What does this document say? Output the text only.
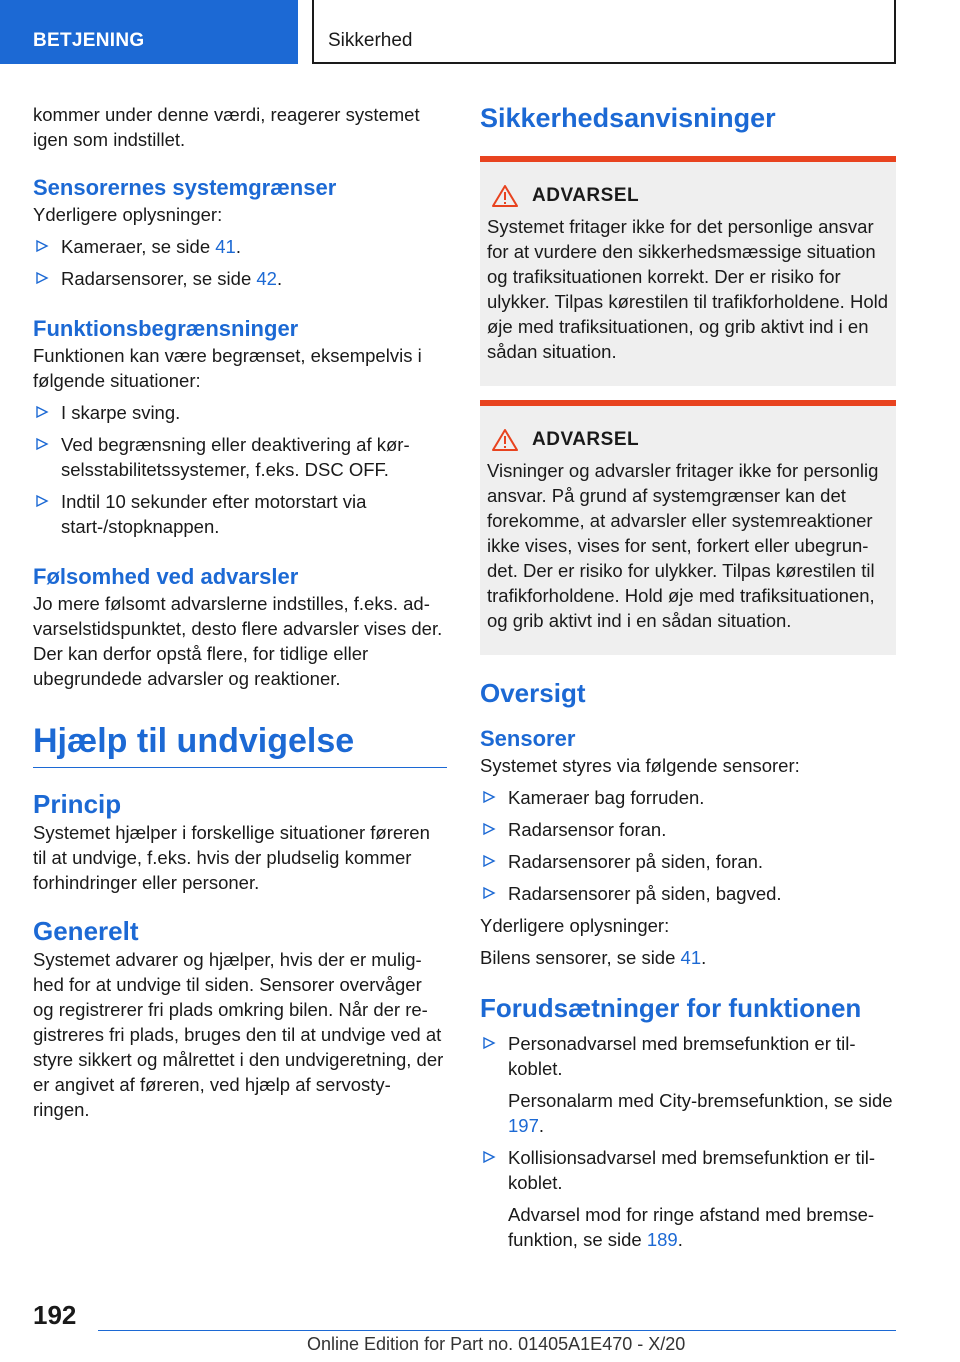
BETJENING	Sikkerhed

kommer under denne værdi, reagerer systemet igen som indstillet.

Sensorernes systemgrænser

Yderligere oplysninger:

Kameraer, se side 41.
Radarsensorer, se side 42.
Funktionsbegrænsninger

Funktionen kan være begrænset, eksempelvis i følgende situationer:

I skarpe sving.
Ved begrænsning eller deaktivering af kør-selsstabilitetssystemer, f.eks. DSC OFF.
Indtil 10 sekunder efter motorstart via start-/stopknappen.
Følsomhed ved advarsler

Jo mere følsomt advarslerne indstilles, f.eks. ad-varselstidspunktet, desto flere advarsler vises der. Der kan derfor opstå flere, for tidlige eller ubegrundede advarsler og reaktioner.

Hjælp til undvigelse
Princip

Systemet hjælper i forskellige situationer føreren til at undvige, f.eks. hvis der pludselig kommer forhindringer eller personer.

Generelt

Systemet advarer og hjælper, hvis der er mulig-hed for at undvige til siden. Sensorer overvåger og registrerer fri plads omkring bilen. Når der re-gistreres fri plads, bruges den til at undvige ved at styre sikkert og målrettet i den undvigeretning, der er angivet af føreren, ved hjælp af servosty-ringen.

Sikkerhedsanvisninger
ADVARSEL

Systemet fritager ikke for det personlige ansvar for at vurdere den sikkerhedsmæssige situation og trafiksituationen korrekt. Der er risiko for ulykker. Tilpas kørestilen til trafikforholdene. Hold øje med trafiksituationen, og grib aktivt ind i en sådan situation.

ADVARSEL

Visninger og advarsler fritager ikke for personlig ansvar. På grund af systemgrænser kan det forekomme, at advarsler eller systemreaktioner ikke vises, vises for sent, forkert eller ubegrun-det. Der er risiko for ulykker. Tilpas kørestilen til trafikforholdene. Hold øje med trafiksituationen, og grib aktivt ind i en sådan situation.

Oversigt
Sensorer

Systemet styres via følgende sensorer:

Kameraer bag forruden.
Radarsensor foran.
Radarsensorer på siden, foran.
Radarsensorer på siden, bagved.

Yderligere oplysninger:

Bilens sensorer, se side 41.

Forudsætninger for funktionen
Personadvarsel med bremsefunktion er til-koblet.
Personalarm med City-bremsefunktion, se side 197.
Kollisionsadvarsel med bremsefunktion er til-koblet.
Advarsel mod for ringe afstand med bremse-funktion, se side 189.
192
Online Edition for Part no. 01405A1E470 - X/20
